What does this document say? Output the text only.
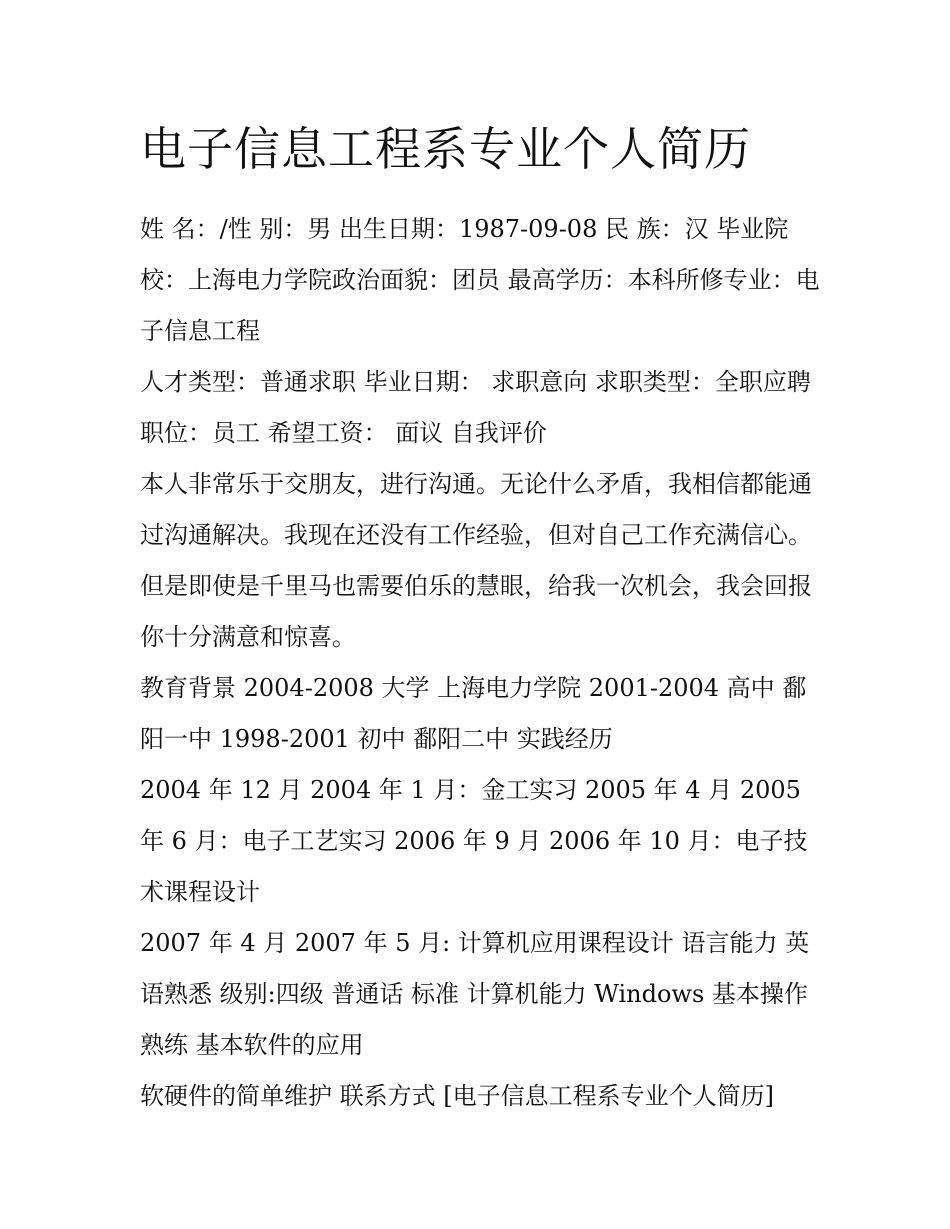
电子信息工程系专业个人简历

姓 名：/性 别：男 出生日期：1987-09-08 民 族：汉 毕业院校：上海电力学院政治面貌：团员 最高学历：本科所修专业：电子信息工程

人才类型：普通求职 毕业日期： 求职意向 求职类型：全职应聘职位：员工 希望工资： 面议 自我评价

本人非常乐于交朋友，进行沟通。无论什么矛盾，我相信都能通过沟通解决。我现在还没有工作经验，但对自己工作充满信心。但是即使是千里马也需要伯乐的慧眼，给我一次机会，我会回报你十分满意和惊喜。

教育背景 2004-2008 大学 上海电力学院 2001-2004 高中 鄱阳一中 1998-2001 初中 鄱阳二中 实践经历

2004 年 12 月 2004 年 1 月：金工实习 2005 年 4 月 2005 年 6 月：电子工艺实习 2006 年 9 月 2006 年 10 月：电子技术课程设计

2007 年 4 月 2007 年 5 月: 计算机应用课程设计 语言能力 英语熟悉 级别:四级 普通话 标准 计算机能力 Windows 基本操作熟练 基本软件的应用

软硬件的简单维护 联系方式 [电子信息工程系专业个人简历]
